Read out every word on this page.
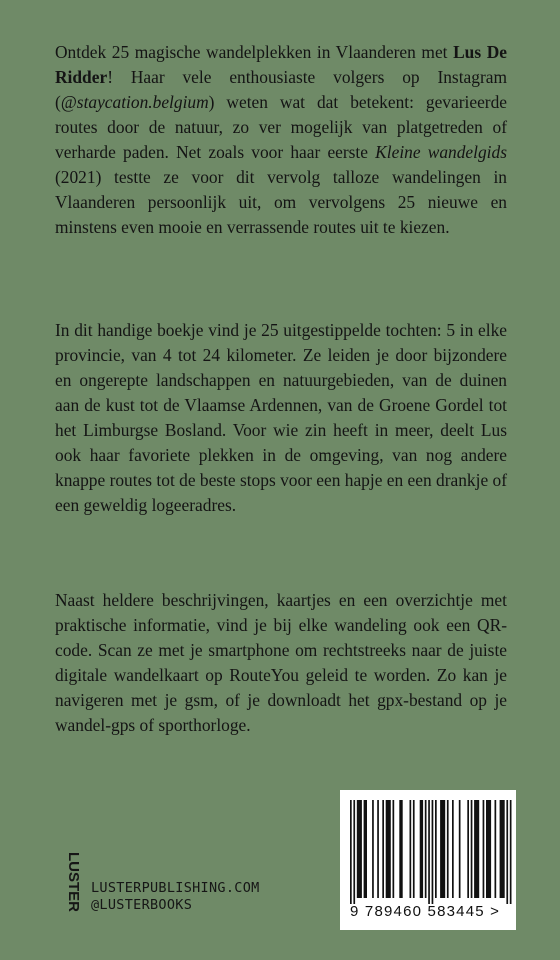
Ontdek 25 magische wandelplekken in Vlaanderen met Lus De Ridder! Haar vele enthousiaste volgers op Instagram (@staycation.belgium) weten wat dat betekent: gevarieerde routes door de natuur, zo ver mogelijk van platgetreden of verharde paden. Net zoals voor haar eerste Kleine wandelgids (2021) testte ze voor dit vervolg talloze wandelingen in Vlaanderen persoonlijk uit, om vervolgens 25 nieuwe en minstens even mooie en verrassende routes uit te kiezen.

In dit handige boekje vind je 25 uitgestippelde tochten: 5 in elke provincie, van 4 tot 24 kilometer. Ze leiden je door bijzondere en ongerepte landschappen en natuurgebieden, van de duinen aan de kust tot de Vlaamse Ardennen, van de Groene Gordel tot het Limburgse Bosland. Voor wie zin heeft in meer, deelt Lus ook haar favoriete plekken in de omgeving, van nog andere knappe routes tot de beste stops voor een hapje en een drankje of een geweldig logeeradres.

Naast heldere beschrijvingen, kaartjes en een overzichtje met praktische informatie, vind je bij elke wandeling ook een QR-code. Scan ze met je smartphone om rechtstreeks naar de juiste digitale wandelkaart op RouteYou geleid te worden. Zo kan je navigeren met je gsm, of je downloadt het gpx-bestand op je wandel-gps of sporthorloge.

LUSTER LUSTERPUBLISHING.COM
@LUSTERBOOKS	9 789460 583445 >
